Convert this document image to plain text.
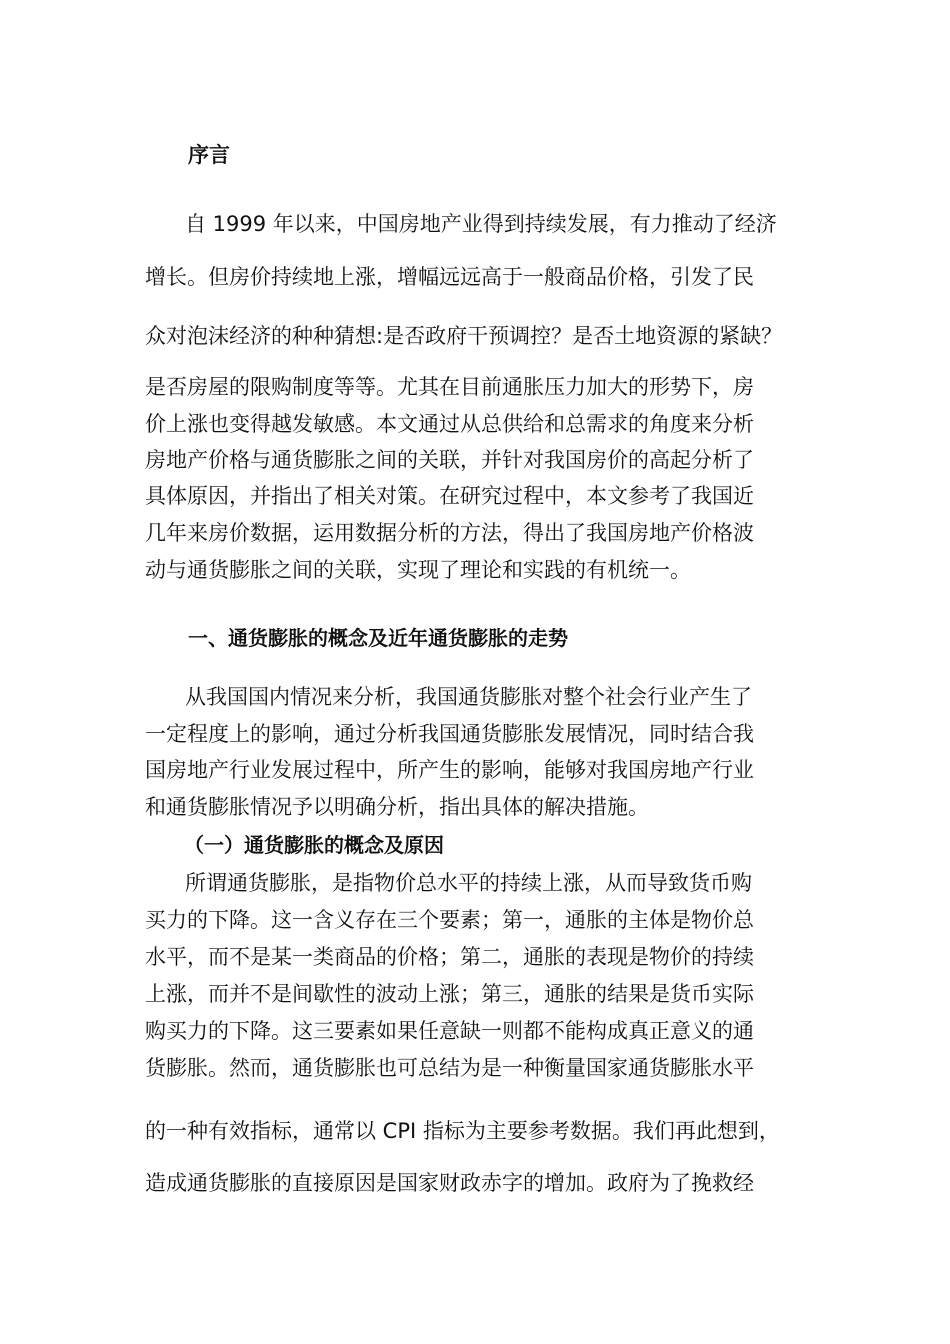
序言
自 1999 年以来，中国房地产业得到持续发展，有力推动了经济
增长。但房价持续地上涨，增幅远远高于一般商品价格，引发了民
众对泡沫经济的种种猜想:是否政府干预调控？是否土地资源的紧缺？
是否房屋的限购制度等等。尤其在目前通胀压力加大的形势下，房
价上涨也变得越发敏感。本文通过从总供给和总需求的角度来分析
房地产价格与通货膨胀之间的关联，并针对我国房价的高起分析了
具体原因，并指出了相关对策。在研究过程中，本文参考了我国近
几年来房价数据，运用数据分析的方法，得出了我国房地产价格波
动与通货膨胀之间的关联，实现了理论和实践的有机统一。
一、通货膨胀的概念及近年通货膨胀的走势
从我国国内情况来分析，我国通货膨胀对整个社会行业产生了
一定程度上的影响，通过分析我国通货膨胀发展情况，同时结合我
国房地产行业发展过程中，所产生的影响，能够对我国房地产行业
和通货膨胀情况予以明确分析，指出具体的解决措施。
（一）通货膨胀的概念及原因
所谓通货膨胀，是指物价总水平的持续上涨，从而导致货币购
买力的下降。这一含义存在三个要素；第一，通胀的主体是物价总
水平，而不是某一类商品的价格；第二，通胀的表现是物价的持续
上涨，而并不是间歇性的波动上涨；第三，通胀的结果是货币实际
购买力的下降。这三要素如果任意缺一则都不能构成真正意义的通
货膨胀。然而，通货膨胀也可总结为是一种衡量国家通货膨胀水平
的一种有效指标，通常以 CPI 指标为主要参考数据。我们再此想到，
造成通货膨胀的直接原因是国家财政赤字的增加。政府为了挽救经
